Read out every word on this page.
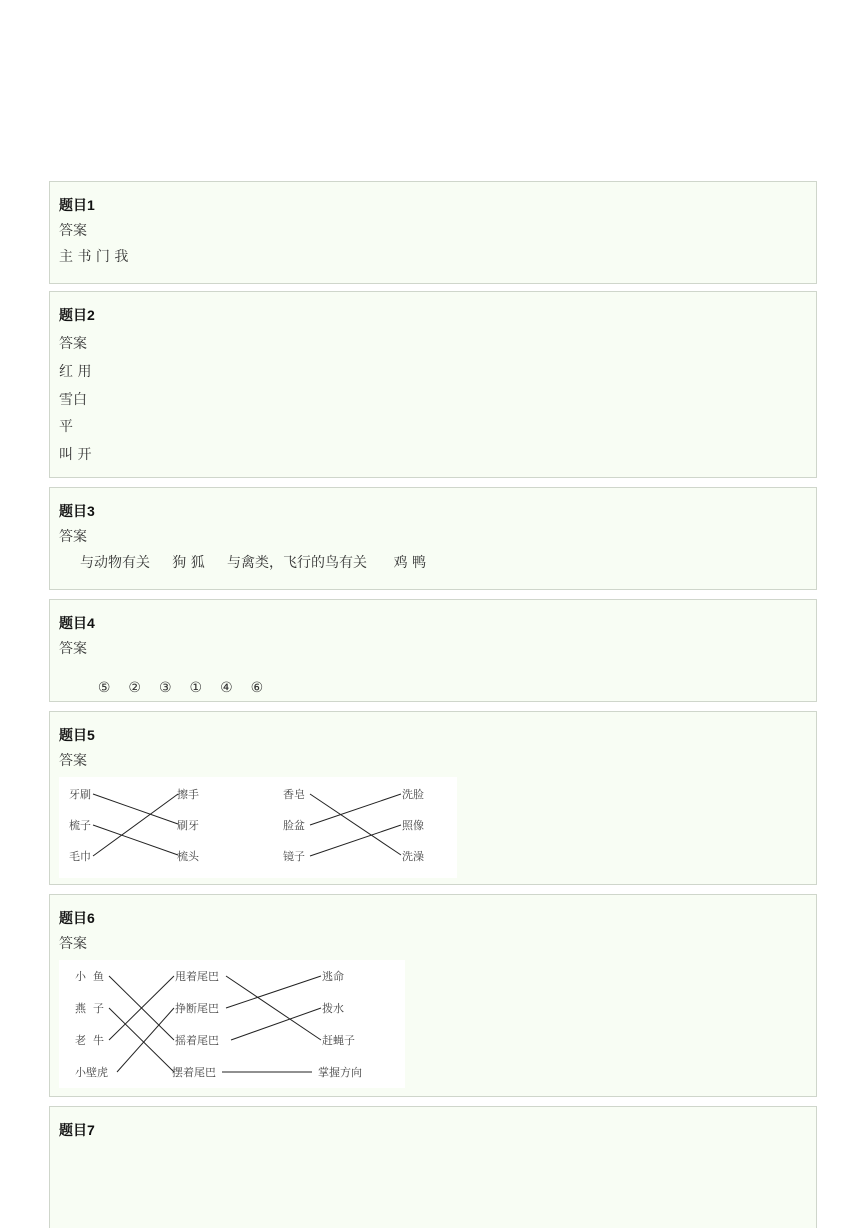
题目1
答案
主 书 门 我
题目2
答案
红 用
雪白
平
叫 开
题目3
答案
与动物有关     狗 狐     与禽类，飞行的鸟有关      鸡 鸭
题目4
答案

⑤ ② ③ ① ④ ⑥

题目5
答案
牙刷
梳子
毛巾
擦手
刷牙
梳头
香皂
脸盆
镜子
洗脸
照像
洗澡
题目6
答案
小  鱼
燕  子
老  牛
小壁虎
甩着尾巴
挣断尾巴
摇着尾巴
摆着尾巴
逃命
拨水
赶蝇子
掌握方向
题目7
